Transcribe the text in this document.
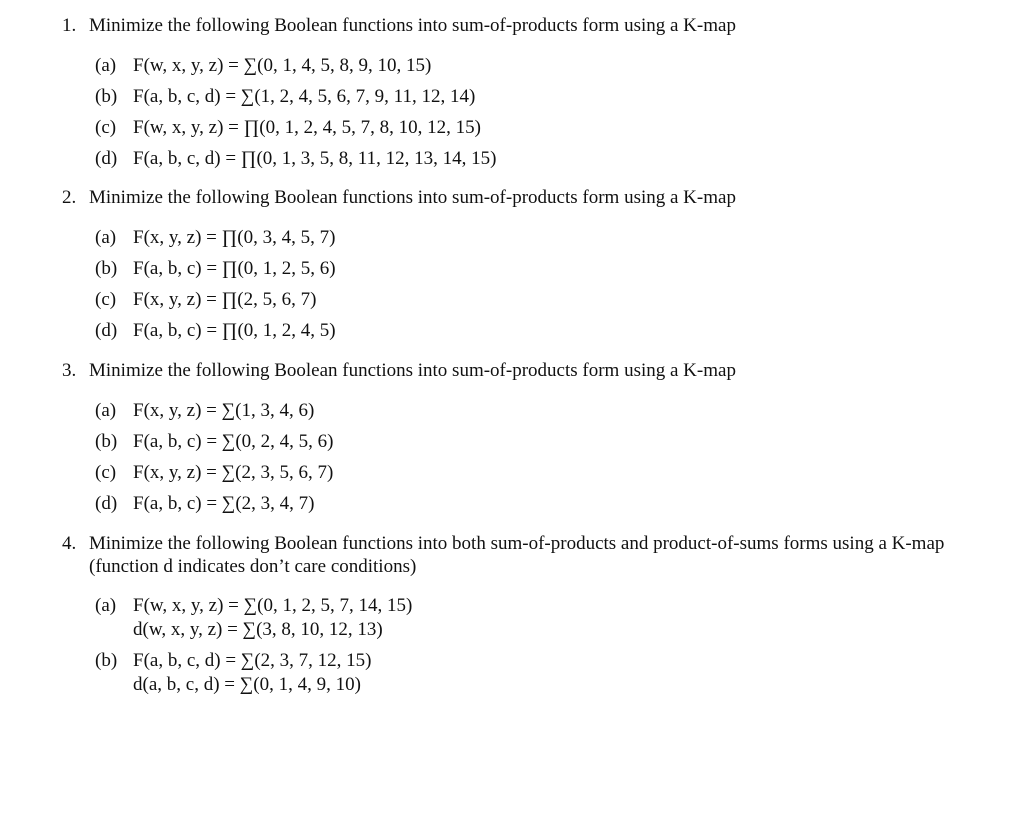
1. Minimize the following Boolean functions into sum-of-products form using a K-map
(a) F(w, x, y, z) = ∑(0, 1, 4, 5, 8, 9, 10, 15)
(b) F(a, b, c, d) = ∑(1, 2, 4, 5, 6, 7, 9, 11, 12, 14)
(c) F(w, x, y, z) = ∏(0, 1, 2, 4, 5, 7, 8, 10, 12, 15)
(d) F(a, b, c, d) = ∏(0, 1, 3, 5, 8, 11, 12, 13, 14, 15)
2. Minimize the following Boolean functions into sum-of-products form using a K-map
(a) F(x, y, z) = ∏(0, 3, 4, 5, 7)
(b) F(a, b, c) = ∏(0, 1, 2, 5, 6)
(c) F(x, y, z) = ∏(2, 5, 6, 7)
(d) F(a, b, c) = ∏(0, 1, 2, 4, 5)
3. Minimize the following Boolean functions into sum-of-products form using a K-map
(a) F(x, y, z) = ∑(1, 3, 4, 6)
(b) F(a, b, c) = ∑(0, 2, 4, 5, 6)
(c) F(x, y, z) = ∑(2, 3, 5, 6, 7)
(d) F(a, b, c) = ∑(2, 3, 4, 7)
4. Minimize the following Boolean functions into both sum-of-products and product-of-sums forms using a K-map (function d indicates don’t care conditions)
(a) F(w, x, y, z) = ∑(0, 1, 2, 5, 7, 14, 15)
d(w, x, y, z) = ∑(3, 8, 10, 12, 13)
(b) F(a, b, c, d) = ∑(2, 3, 7, 12, 15)
d(a, b, c, d) = ∑(0, 1, 4, 9, 10)
